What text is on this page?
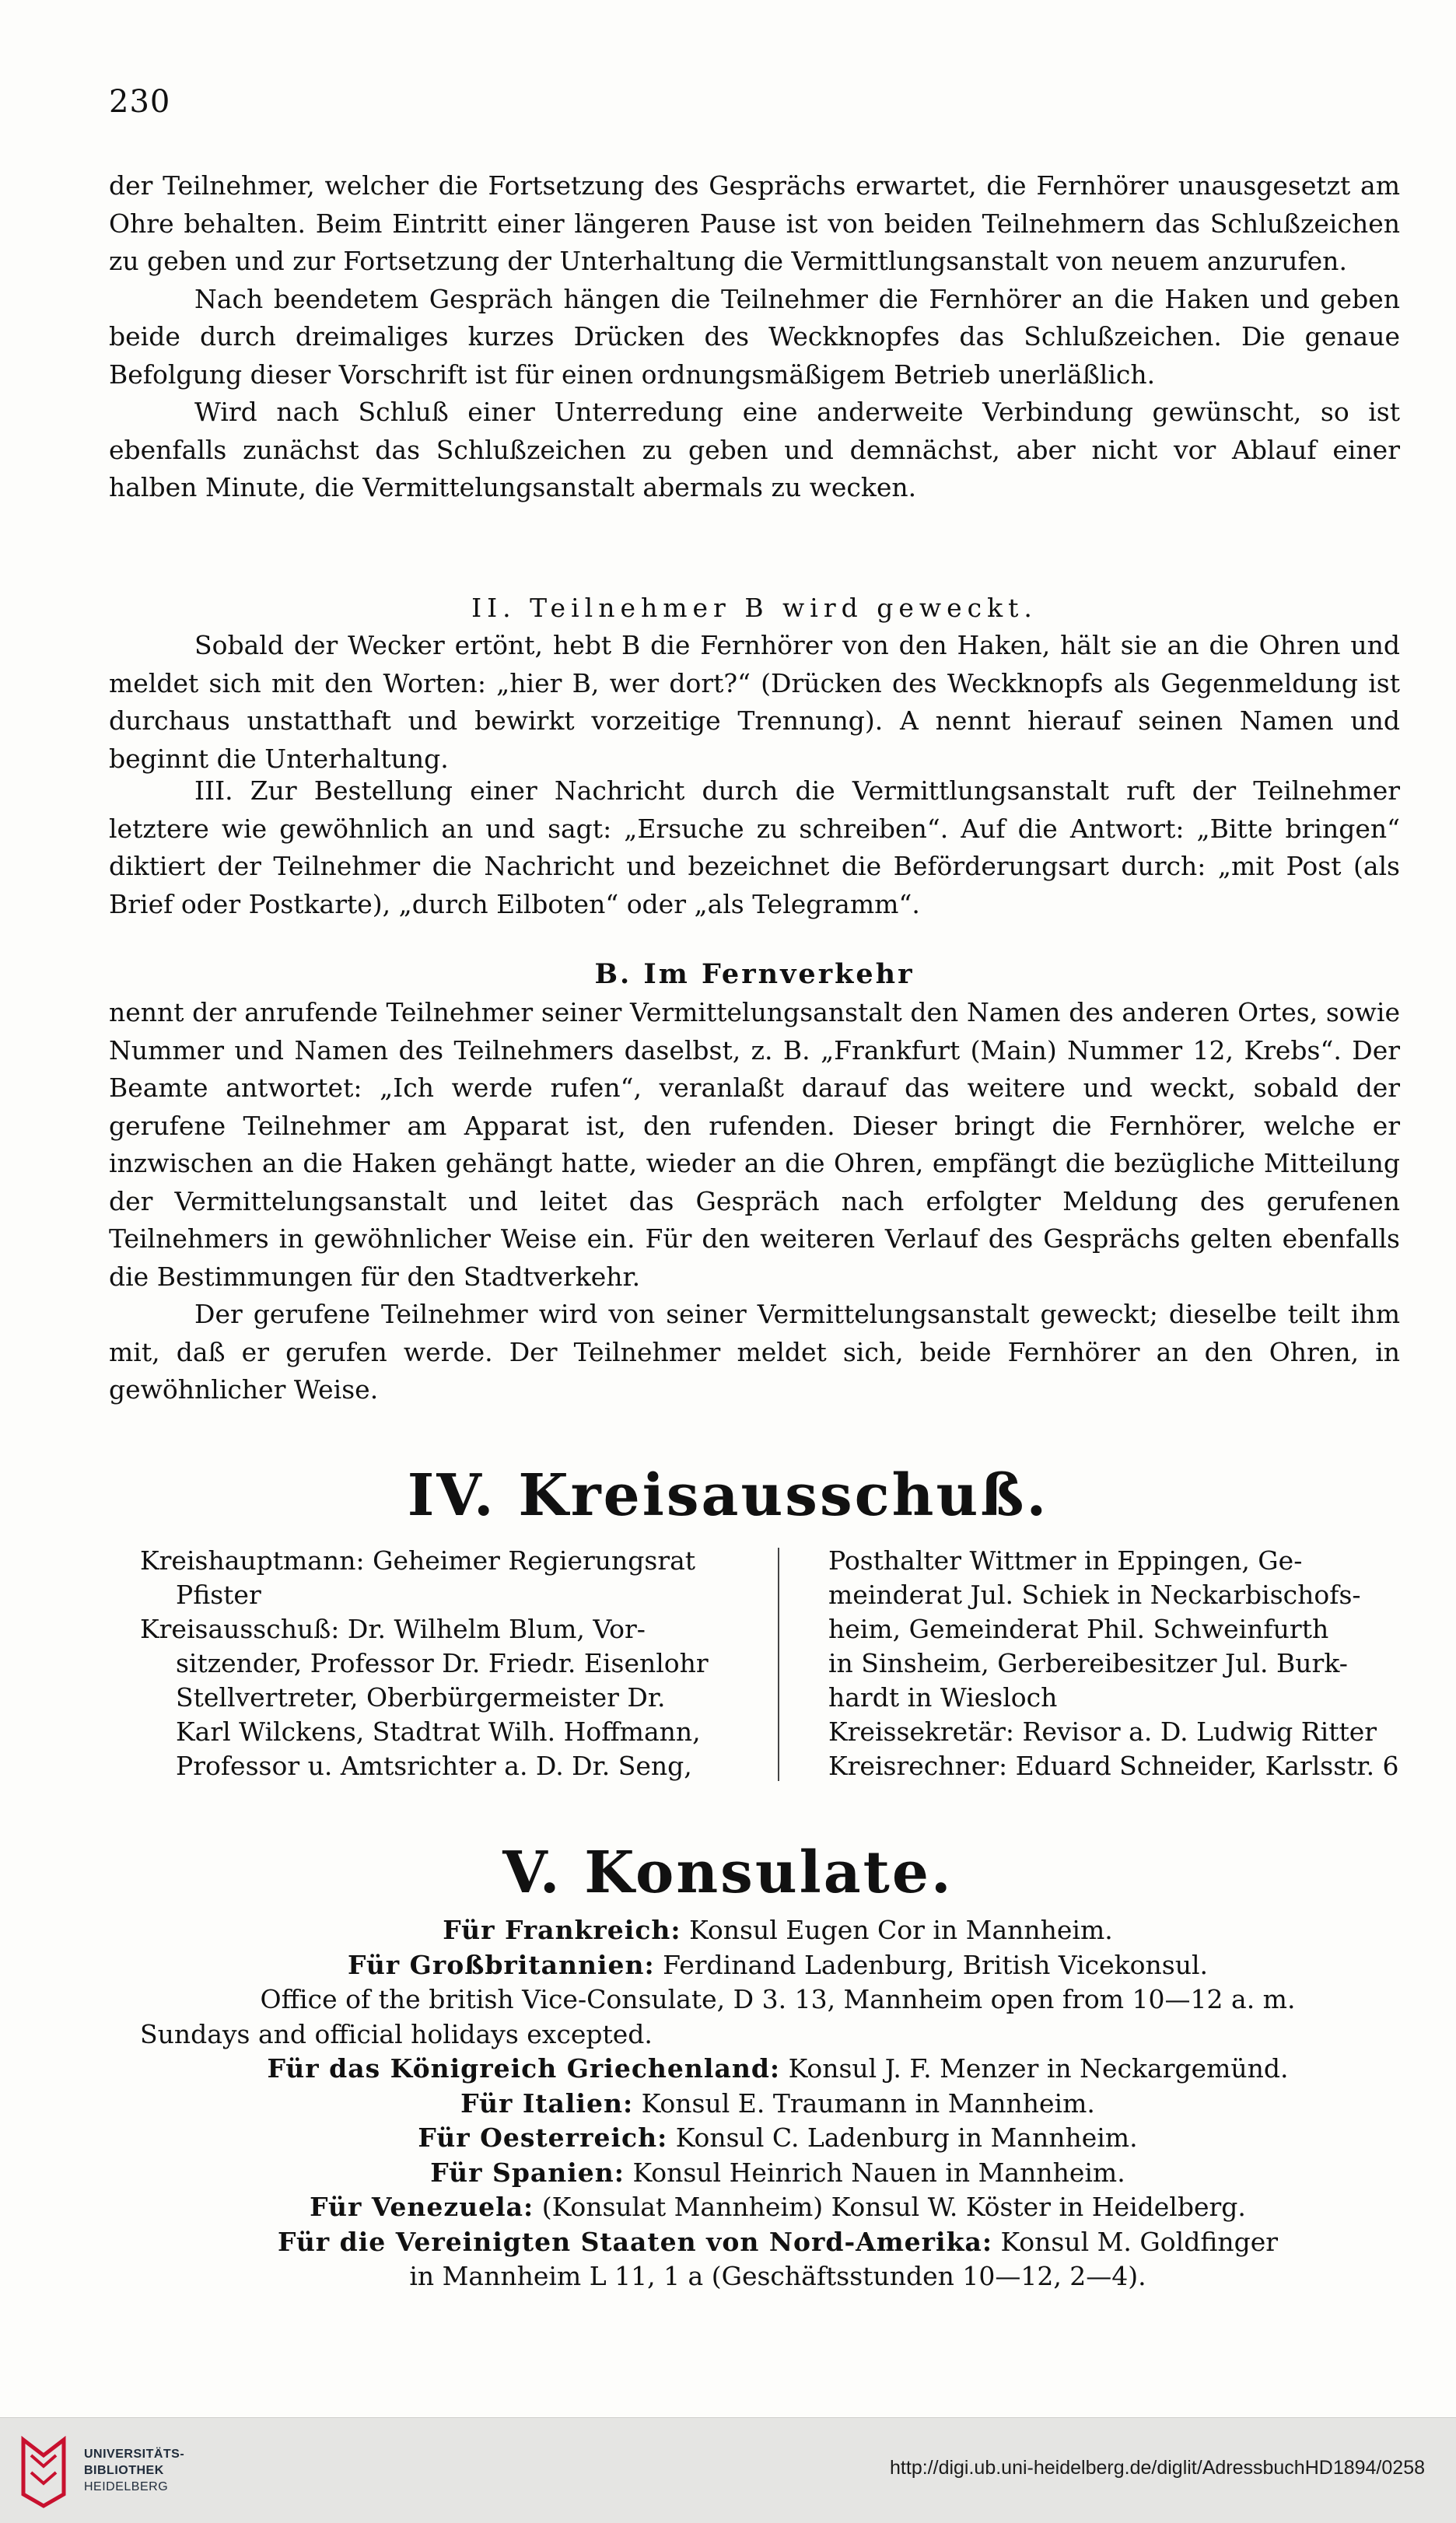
230

der Teilnehmer, welcher die Fortsetzung des Gesprächs erwartet, die Fernhörer unausgesetzt am Ohre behalten. Beim Eintritt einer längeren Pause ist von beiden Teilnehmern das Schlußzeichen zu geben und zur Fortsetzung der Unterhaltung die Vermittlungsanstalt von neuem anzurufen.

Nach beendetem Gespräch hängen die Teilnehmer die Fernhörer an die Haken und geben beide durch dreimaliges kurzes Drücken des Weckknopfes das Schlußzeichen. Die genaue Befolgung dieser Vorschrift ist für einen ordnungsmäßigem Betrieb unerläßlich.

Wird nach Schluß einer Unterredung eine anderweite Verbindung gewünscht, so ist ebenfalls zunächst das Schlußzeichen zu geben und demnächst, aber nicht vor Ablauf einer halben Minute, die Vermittelungsanstalt abermals zu wecken.

II. Teilnehmer B wird geweckt.

Sobald der Wecker ertönt, hebt B die Fernhörer von den Haken, hält sie an die Ohren und meldet sich mit den Worten: „hier B, wer dort?“ (Drücken des Weckknopfs als Gegenmeldung ist durchaus unstatthaft und bewirkt vorzeitige Trennung). A nennt hierauf seinen Namen und beginnt die Unterhaltung.

III. Zur Bestellung einer Nachricht durch die Vermittlungsanstalt ruft der Teilnehmer letztere wie gewöhnlich an und sagt: „Ersuche zu schreiben“. Auf die Antwort: „Bitte bringen“ diktiert der Teilnehmer die Nachricht und bezeichnet die Beförderungsart durch: „mit Post (als Brief oder Postkarte), „durch Eilboten“ oder „als Telegramm“.

B. Im Fernverkehr

nennt der anrufende Teilnehmer seiner Vermittelungsanstalt den Namen des anderen Ortes, sowie Nummer und Namen des Teilnehmers daselbst, z. B. „Frankfurt (Main) Nummer 12, Krebs“. Der Beamte antwortet: „Ich werde rufen“, veranlaßt darauf das weitere und weckt, sobald der gerufene Teilnehmer am Apparat ist, den rufenden. Dieser bringt die Fernhörer, welche er inzwischen an die Haken gehängt hatte, wieder an die Ohren, empfängt die bezügliche Mitteilung der Vermittelungsanstalt und leitet das Gespräch nach erfolgter Meldung des gerufenen Teilnehmers in gewöhnlicher Weise ein. Für den weiteren Verlauf des Gesprächs gelten ebenfalls die Bestimmungen für den Stadtverkehr.

Der gerufene Teilnehmer wird von seiner Vermittelungsanstalt geweckt; dieselbe teilt ihm mit, daß er gerufen werde. Der Teilnehmer meldet sich, beide Fernhörer an den Ohren, in gewöhnlicher Weise.

IV. Kreisausschuß.
Kreishauptmann: Geheimer Regierungsrat
Pfister
Kreisausschuß: Dr. Wilhelm Blum, Vor-
sitzender, Professor Dr. Friedr. Eisenlohr
Stellvertreter, Oberbürgermeister Dr.
Karl Wilckens, Stadtrat Wilh. Hoffmann,
Professor u. Amtsrichter a. D. Dr. Seng,
Posthalter Wittmer in Eppingen, Ge-
meinderat Jul. Schiek in Neckarbischofs-
heim, Gemeinderat Phil. Schweinfurth
in Sinsheim, Gerbereibesitzer Jul. Burk-
hardt in Wiesloch
Kreissekretär: Revisor a. D. Ludwig Ritter
Kreisrechner: Eduard Schneider, Karlsstr. 6
V. Konsulate.
Für Frankreich: Konsul Eugen Cor in Mannheim.
Für Großbritannien: Ferdinand Ladenburg, British Vicekonsul.
Office of the british Vice-Consulate, D 3. 13, Mannheim open from 10—12 a. m.
Sundays and official holidays excepted.
Für das Königreich Griechenland: Konsul J. F. Menzer in Neckargemünd.
Für Italien: Konsul E. Traumann in Mannheim.
Für Oesterreich: Konsul C. Ladenburg in Mannheim.
Für Spanien: Konsul Heinrich Nauen in Mannheim.
Für Venezuela: (Konsulat Mannheim) Konsul W. Köster in Heidelberg.
Für die Vereinigten Staaten von Nord-Amerika: Konsul M. Goldfinger
in Mannheim L 11, 1 a (Geschäftsstunden 10—12, 2—4).
UNIVERSITÄTS-
BIBLIOTHEK
HEIDELBERG
http://digi.ub.uni-heidelberg.de/diglit/AdressbuchHD1894/0258
